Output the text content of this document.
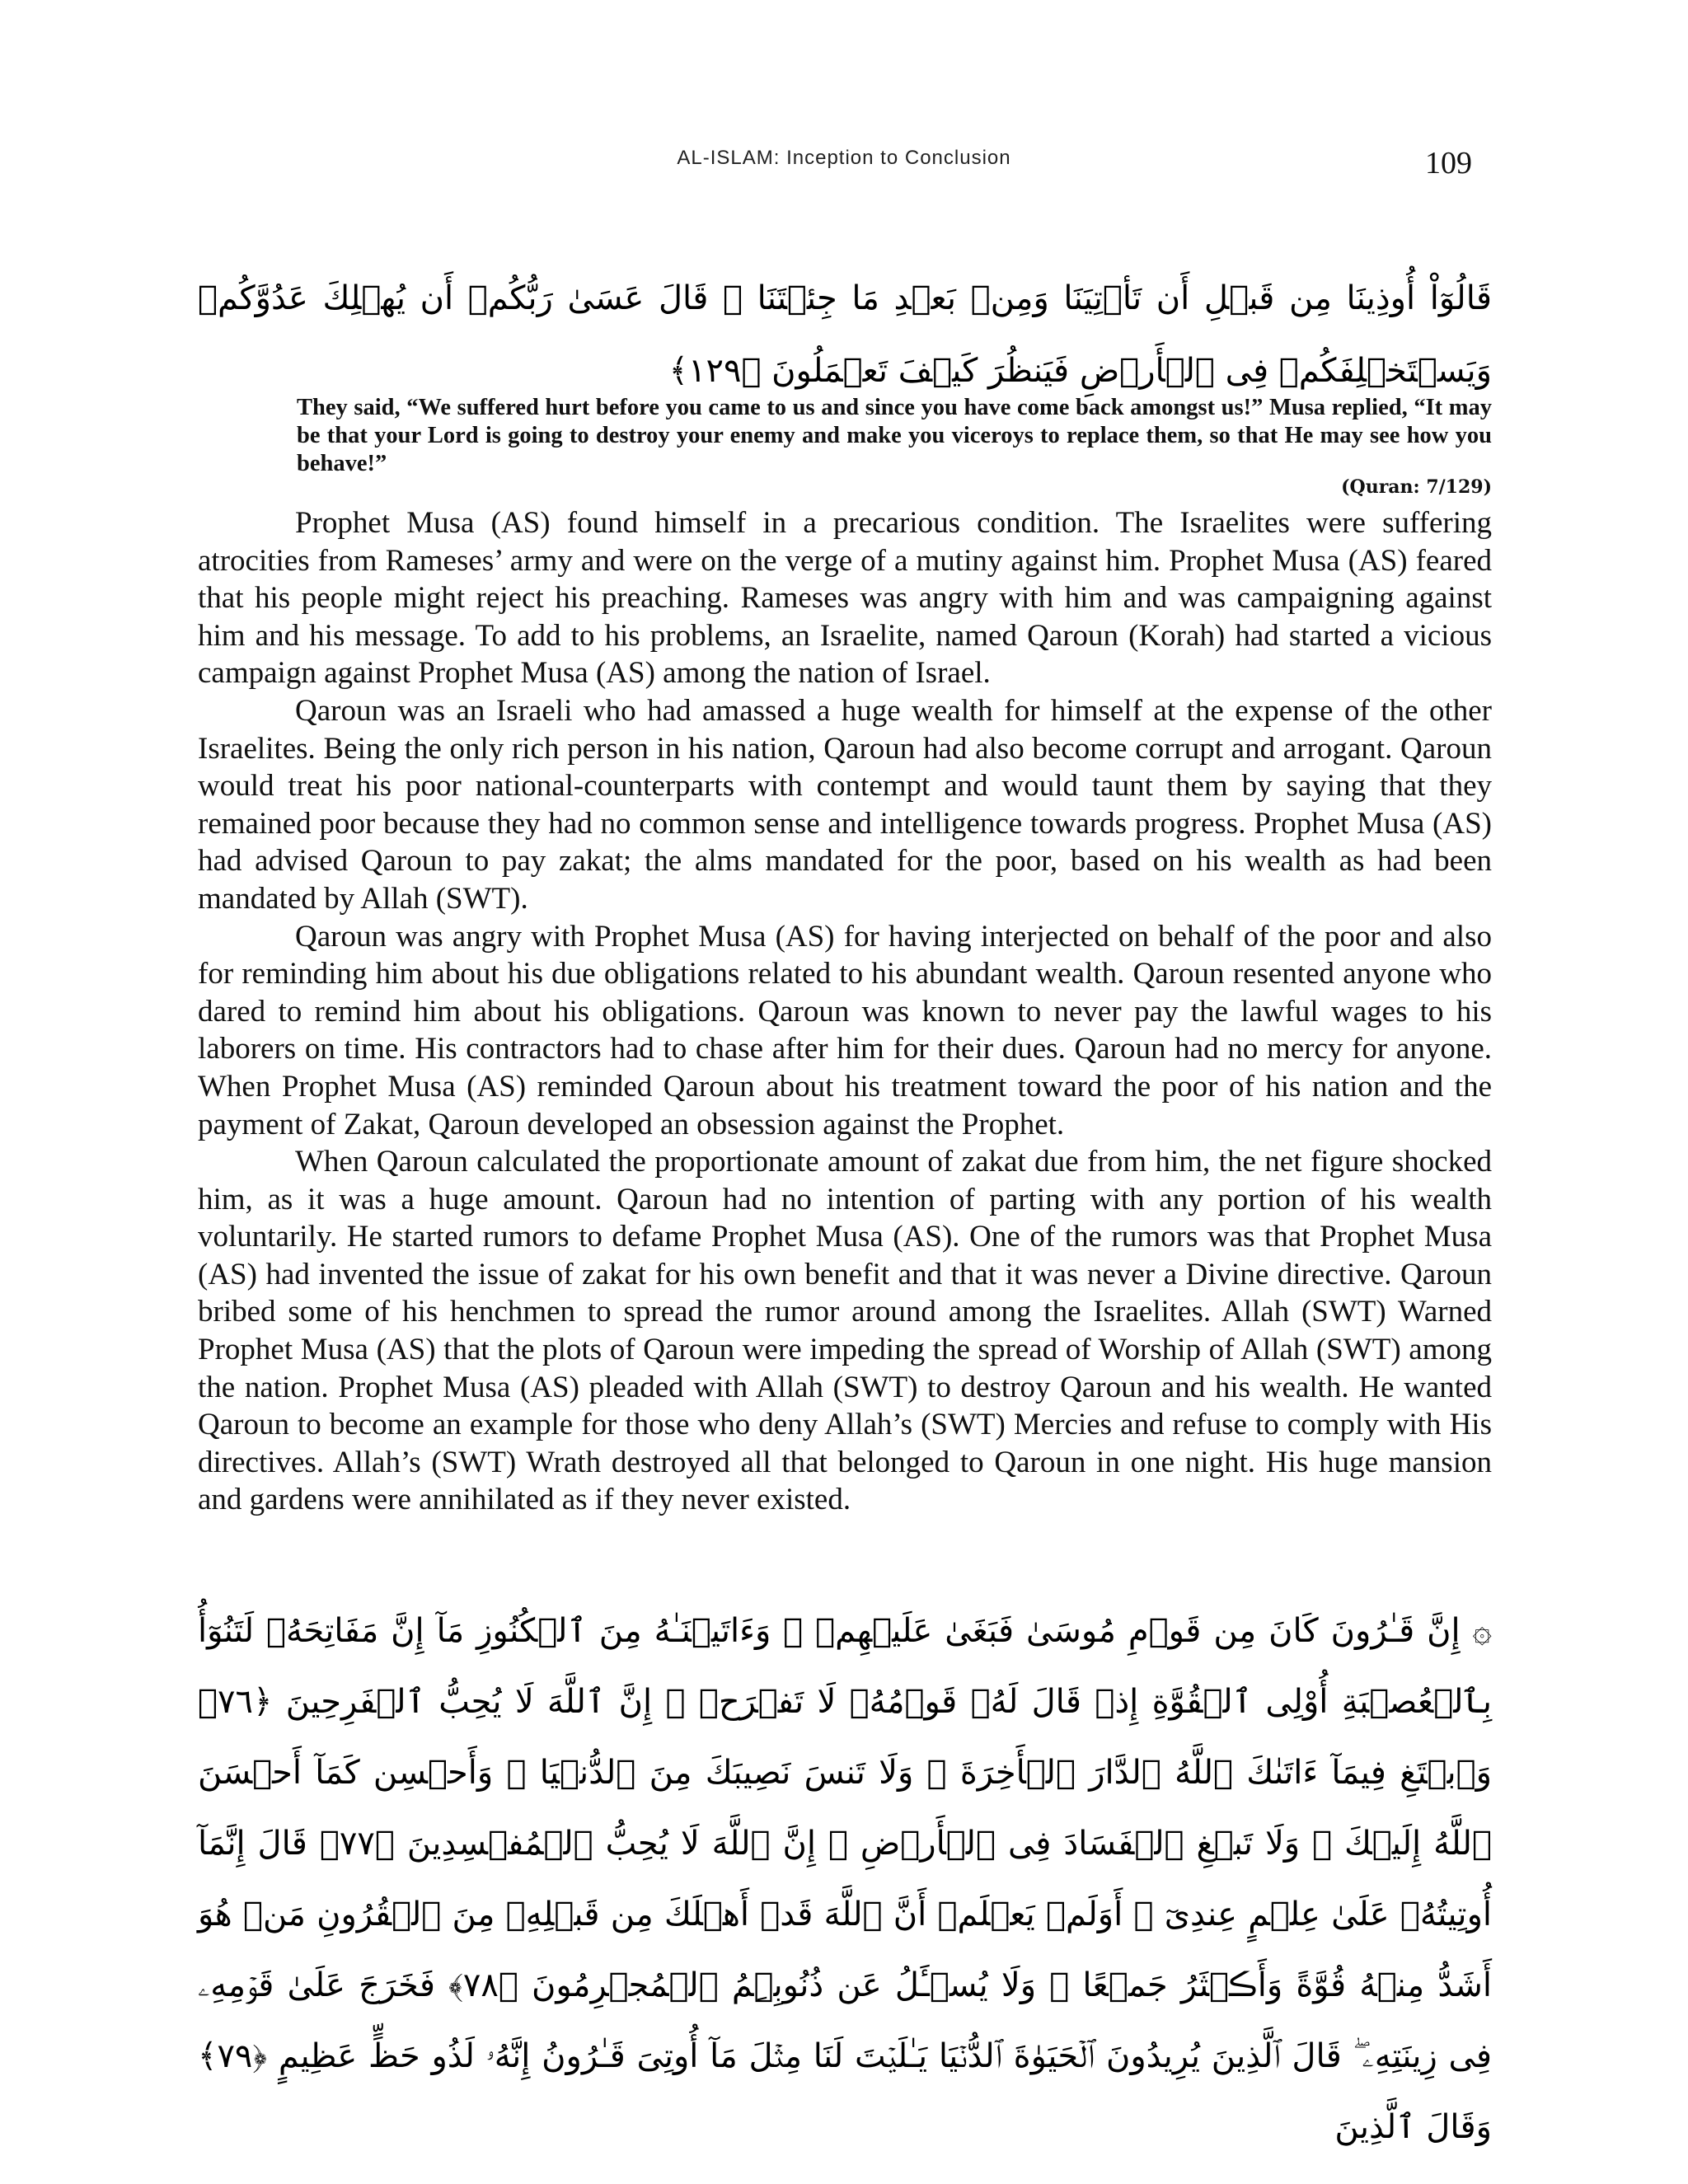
AL-ISLAM: Inception to Conclusion	109
قَالُوٓاْ أُوذِينَا مِن قَبۡلِ أَن تَأۡتِيَنَا وَمِنۢ بَعۡدِ مَا جِئۡتَنَا ۚ قَالَ عَسَىٰ رَبُّكُمۡ أَن يُهۡلِكَ عَدُوَّكُمۡ وَيَسۡتَخۡلِفَكُمۡ فِى ٱلۡأَرۡضِ فَيَنظُرَ كَيۡفَ تَعۡمَلُونَ ﴿١٢٩﴾
They said, “We suffered hurt before you came to us and since you have come back amongst us!” Musa replied, “It may be that your Lord is going to destroy your enemy and make you viceroys to replace them, so that He may see how you behave!”
(Quran: 7/129)

Prophet Musa (AS) found himself in a precarious condition. The Israelites were suffering atrocities from Rameses’ army and were on the verge of a mutiny against him. Prophet Musa (AS) feared that his people might reject his preaching. Rameses was angry with him and was campaigning against him and his message. To add to his problems, an Israelite, named Qaroun (Korah) had started a vicious campaign against Prophet Musa (AS) among the nation of Israel.

Qaroun was an Israeli who had amassed a huge wealth for himself at the expense of the other Israelites. Being the only rich person in his nation, Qaroun had also become corrupt and arrogant. Qaroun would treat his poor national-counterparts with contempt and would taunt them by saying that they remained poor because they had no common sense and intelligence towards progress. Prophet Musa (AS) had advised Qaroun to pay zakat; the alms mandated for the poor, based on his wealth as had been mandated by Allah (SWT).

Qaroun was angry with Prophet Musa (AS) for having interjected on behalf of the poor and also for reminding him about his due obligations related to his abundant wealth. Qaroun resented anyone who dared to remind him about his obligations. Qaroun was known to never pay the lawful wages to his laborers on time. His contractors had to chase after him for their dues. Qaroun had no mercy for anyone. When Prophet Musa (AS) reminded Qaroun about his treatment toward the poor of his nation and the payment of Zakat, Qaroun developed an obsession against the Prophet.

When Qaroun calculated the proportionate amount of zakat due from him, the net figure shocked him, as it was a huge amount. Qaroun had no intention of parting with any portion of his wealth voluntarily. He started rumors to defame Prophet Musa (AS). One of the rumors was that Prophet Musa (AS) had invented the issue of zakat for his own benefit and that it was never a Divine directive. Qaroun bribed some of his henchmen to spread the rumor around among the Israelites. Allah (SWT) Warned Prophet Musa (AS) that the plots of Qaroun were impeding the spread of Worship of Allah (SWT) among the nation. Prophet Musa (AS) pleaded with Allah (SWT) to destroy Qaroun and his wealth. He wanted Qaroun to become an example for those who deny Allah’s (SWT) Mercies and refuse to comply with His directives. Allah’s (SWT) Wrath destroyed all that belonged to Qaroun in one night. His huge mansion and gardens were annihilated as if they never existed.

۞ إِنَّ قَـٰرُونَ كَانَ مِن قَوۡمِ مُوسَىٰ فَبَغَىٰ عَلَيۡهِمۡ ۖ وَءَاتَيۡنَـٰهُ مِنَ ٱلۡكُنُوزِ مَآ إِنَّ مَفَاتِحَهُۥ لَتَنُوٓأُ بِٱلۡعُصۡبَةِ أُوْلِى ٱلۡقُوَّةِ إِذۡ قَالَ لَهُۥ قَوۡمُهُۥ لَا تَفۡرَحۡ ۖ إِنَّ ٱللَّهَ لَا يُحِبُّ ٱلۡفَرِحِينَ ﴿٧٦﴾ وَٱبۡتَغِ فِيمَآ ءَاتَٮٰكَ ٱللَّهُ ٱلدَّارَ ٱلۡأَخِرَةَ ۖ وَلَا تَنسَ نَصِيبَكَ مِنَ ٱلدُّنۡيَا ۖ وَأَحۡسِن كَمَآ أَحۡسَنَ ٱللَّهُ إِلَيۡكَ ۖ وَلَا تَبۡغِ ٱلۡفَسَادَ فِى ٱلۡأَرۡضِ ۖ إِنَّ ٱللَّهَ لَا يُحِبُّ ٱلۡمُفۡسِدِينَ ﴿٧٧﴾ قَالَ إِنَّمَآ أُوتِيتُهُۥ عَلَىٰ عِلۡمٍ عِندِىٓ ۚ أَوَلَمۡ يَعۡلَمۡ أَنَّ ٱللَّهَ قَدۡ أَهۡلَكَ مِن قَبۡلِهِۦ مِنَ ٱلۡقُرُونِ مَنۡ هُوَ أَشَدُّ مِنۡهُ قُوَّةً وَأَڪۡثَرُ جَمۡعًا ۚ وَلَا يُسۡـَٔلُ عَن ذُنُوبِہِمُ ٱلۡمُجۡرِمُونَ ﴿٧٨﴾ فَخَرَجَ عَلَىٰ قَوۡمِهِۦ فِى زِينَتِهِۦ ۖ قَالَ ٱلَّذِينَ يُرِيدُونَ ٱلۡحَيَوٰةَ ٱلدُّنۡيَا يَـٰلَيۡتَ لَنَا مِثۡلَ مَآ أُوتِىَ قَـٰرُونُ إِنَّهُۥ لَذُو حَظٍّ عَظِيمٍ ﴿٧٩﴾ وَقَالَ ٱلَّذِينَ
